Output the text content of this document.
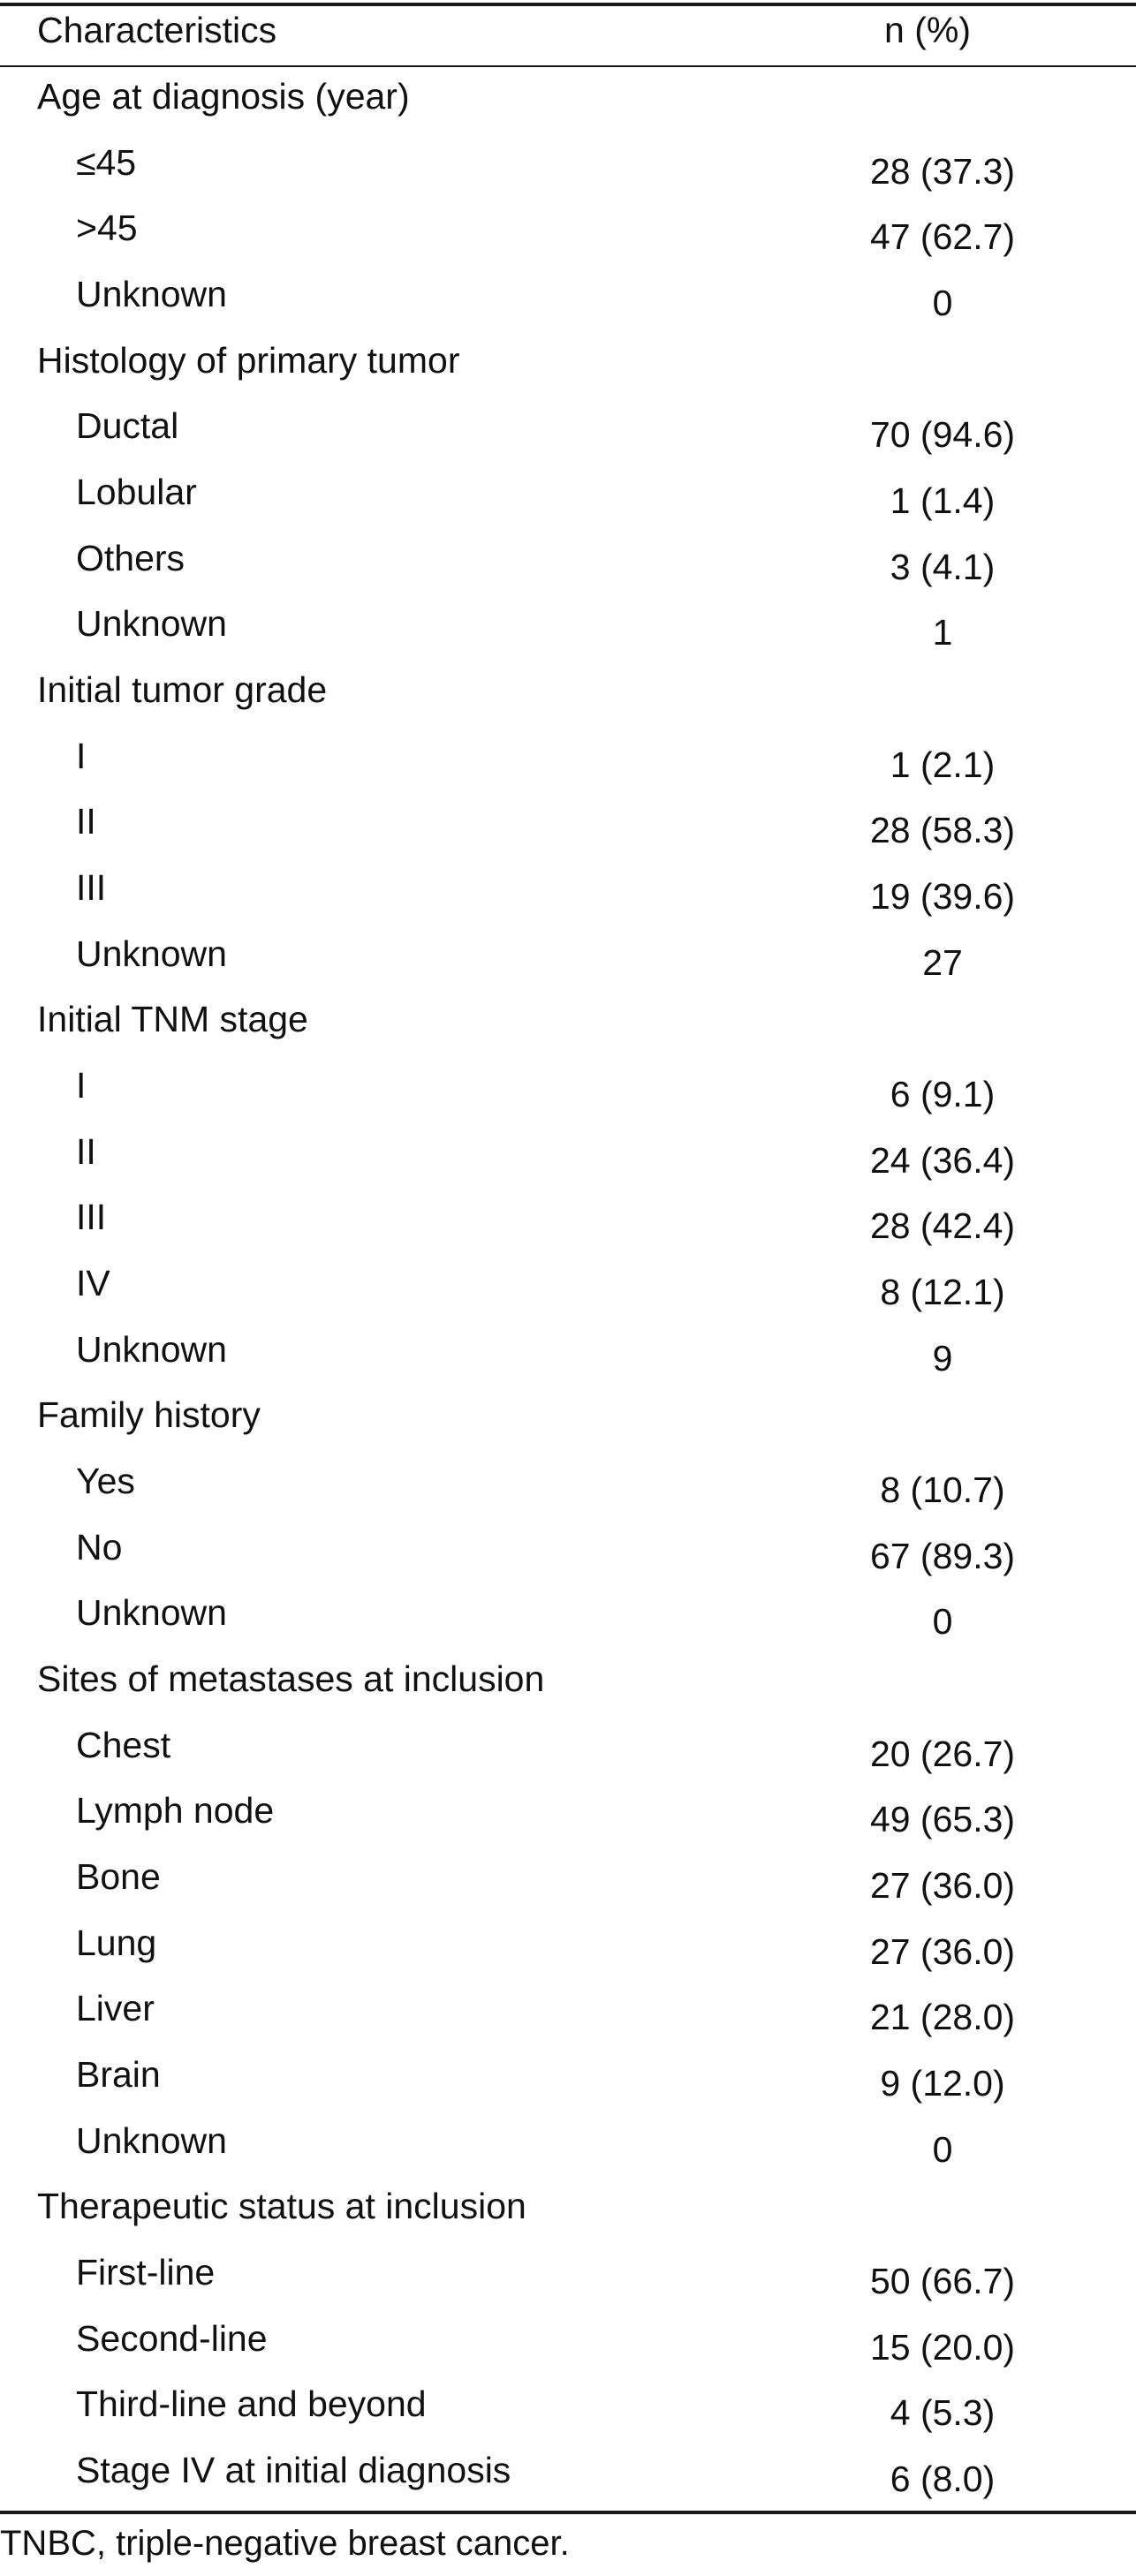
Characteristics	n (%)
Age at diagnosis (year)
≤45	28 (37.3)
>45	47 (62.7)
Unknown	0
Histology of primary tumor
Ductal	70 (94.6)
Lobular	1 (1.4)
Others	3 (4.1)
Unknown	1
Initial tumor grade
I	1 (2.1)
II	28 (58.3)
III	19 (39.6)
Unknown	27
Initial TNM stage
I	6 (9.1)
II	24 (36.4)
III	28 (42.4)
IV	8 (12.1)
Unknown	9
Family history
Yes	8 (10.7)
No	67 (89.3)
Unknown	0
Sites of metastases at inclusion
Chest	20 (26.7)
Lymph node	49 (65.3)
Bone	27 (36.0)
Lung	27 (36.0)
Liver	21 (28.0)
Brain	9 (12.0)
Unknown	0
Therapeutic status at inclusion
First-line	50 (66.7)
Second-line	15 (20.0)
Third-line and beyond	4 (5.3)
Stage IV at initial diagnosis	6 (8.0)
TNBC, triple-negative breast cancer.
